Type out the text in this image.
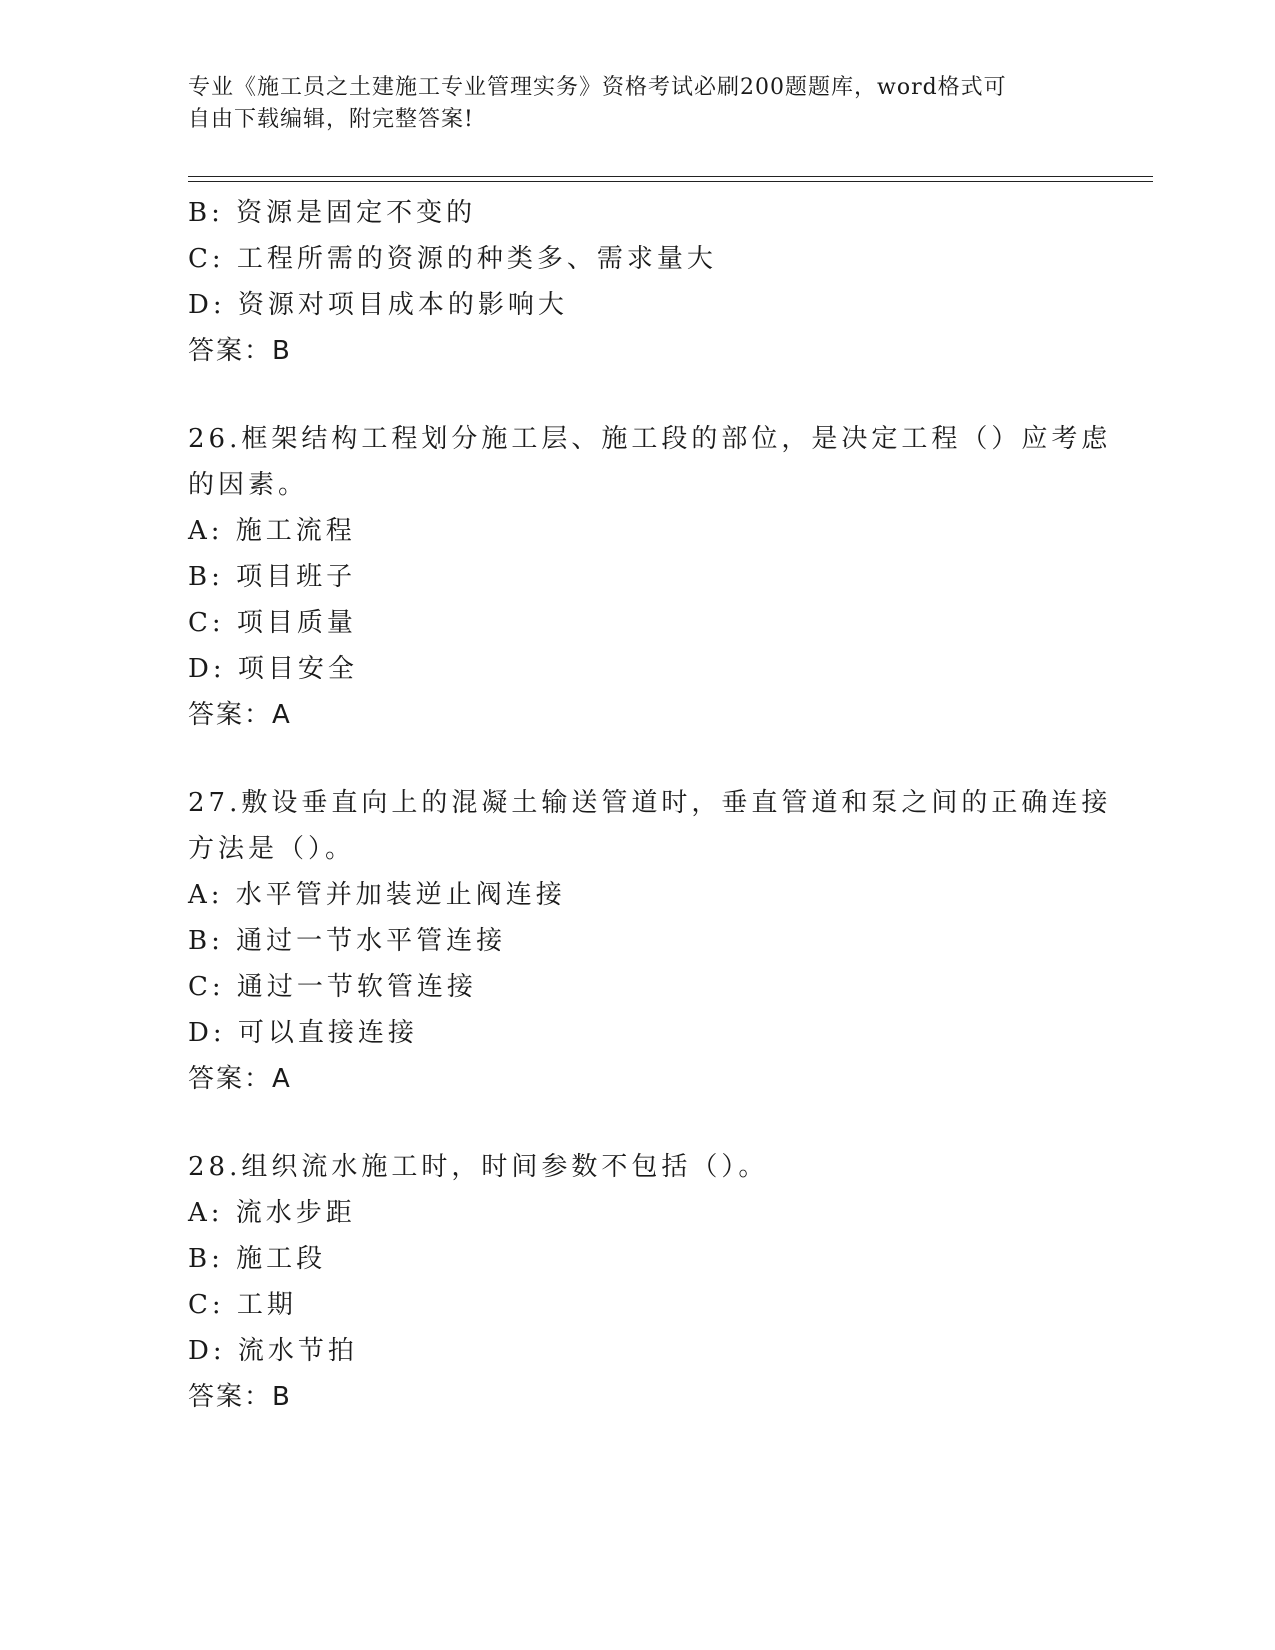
专业《施工员之土建施工专业管理实务》资格考试必刷200题题库，word格式可
自由下载编辑，附完整答案!
B: 资源是固定不变的
C: 工程所需的资源的种类多、需求量大
D: 资源对项目成本的影响大
答案：B
26.框架结构工程划分施工层、施工段的部位，是决定工程（）应考虑
的因素。
A: 施工流程
B: 项目班子
C: 项目质量
D: 项目安全
答案：A
27.敷设垂直向上的混凝土输送管道时，垂直管道和泵之间的正确连接
方法是（）。
A: 水平管并加装逆止阀连接
B: 通过一节水平管连接
C: 通过一节软管连接
D: 可以直接连接
答案：A
28.组织流水施工时，时间参数不包括（）。
A: 流水步距
B: 施工段
C: 工期
D: 流水节拍
答案：B
